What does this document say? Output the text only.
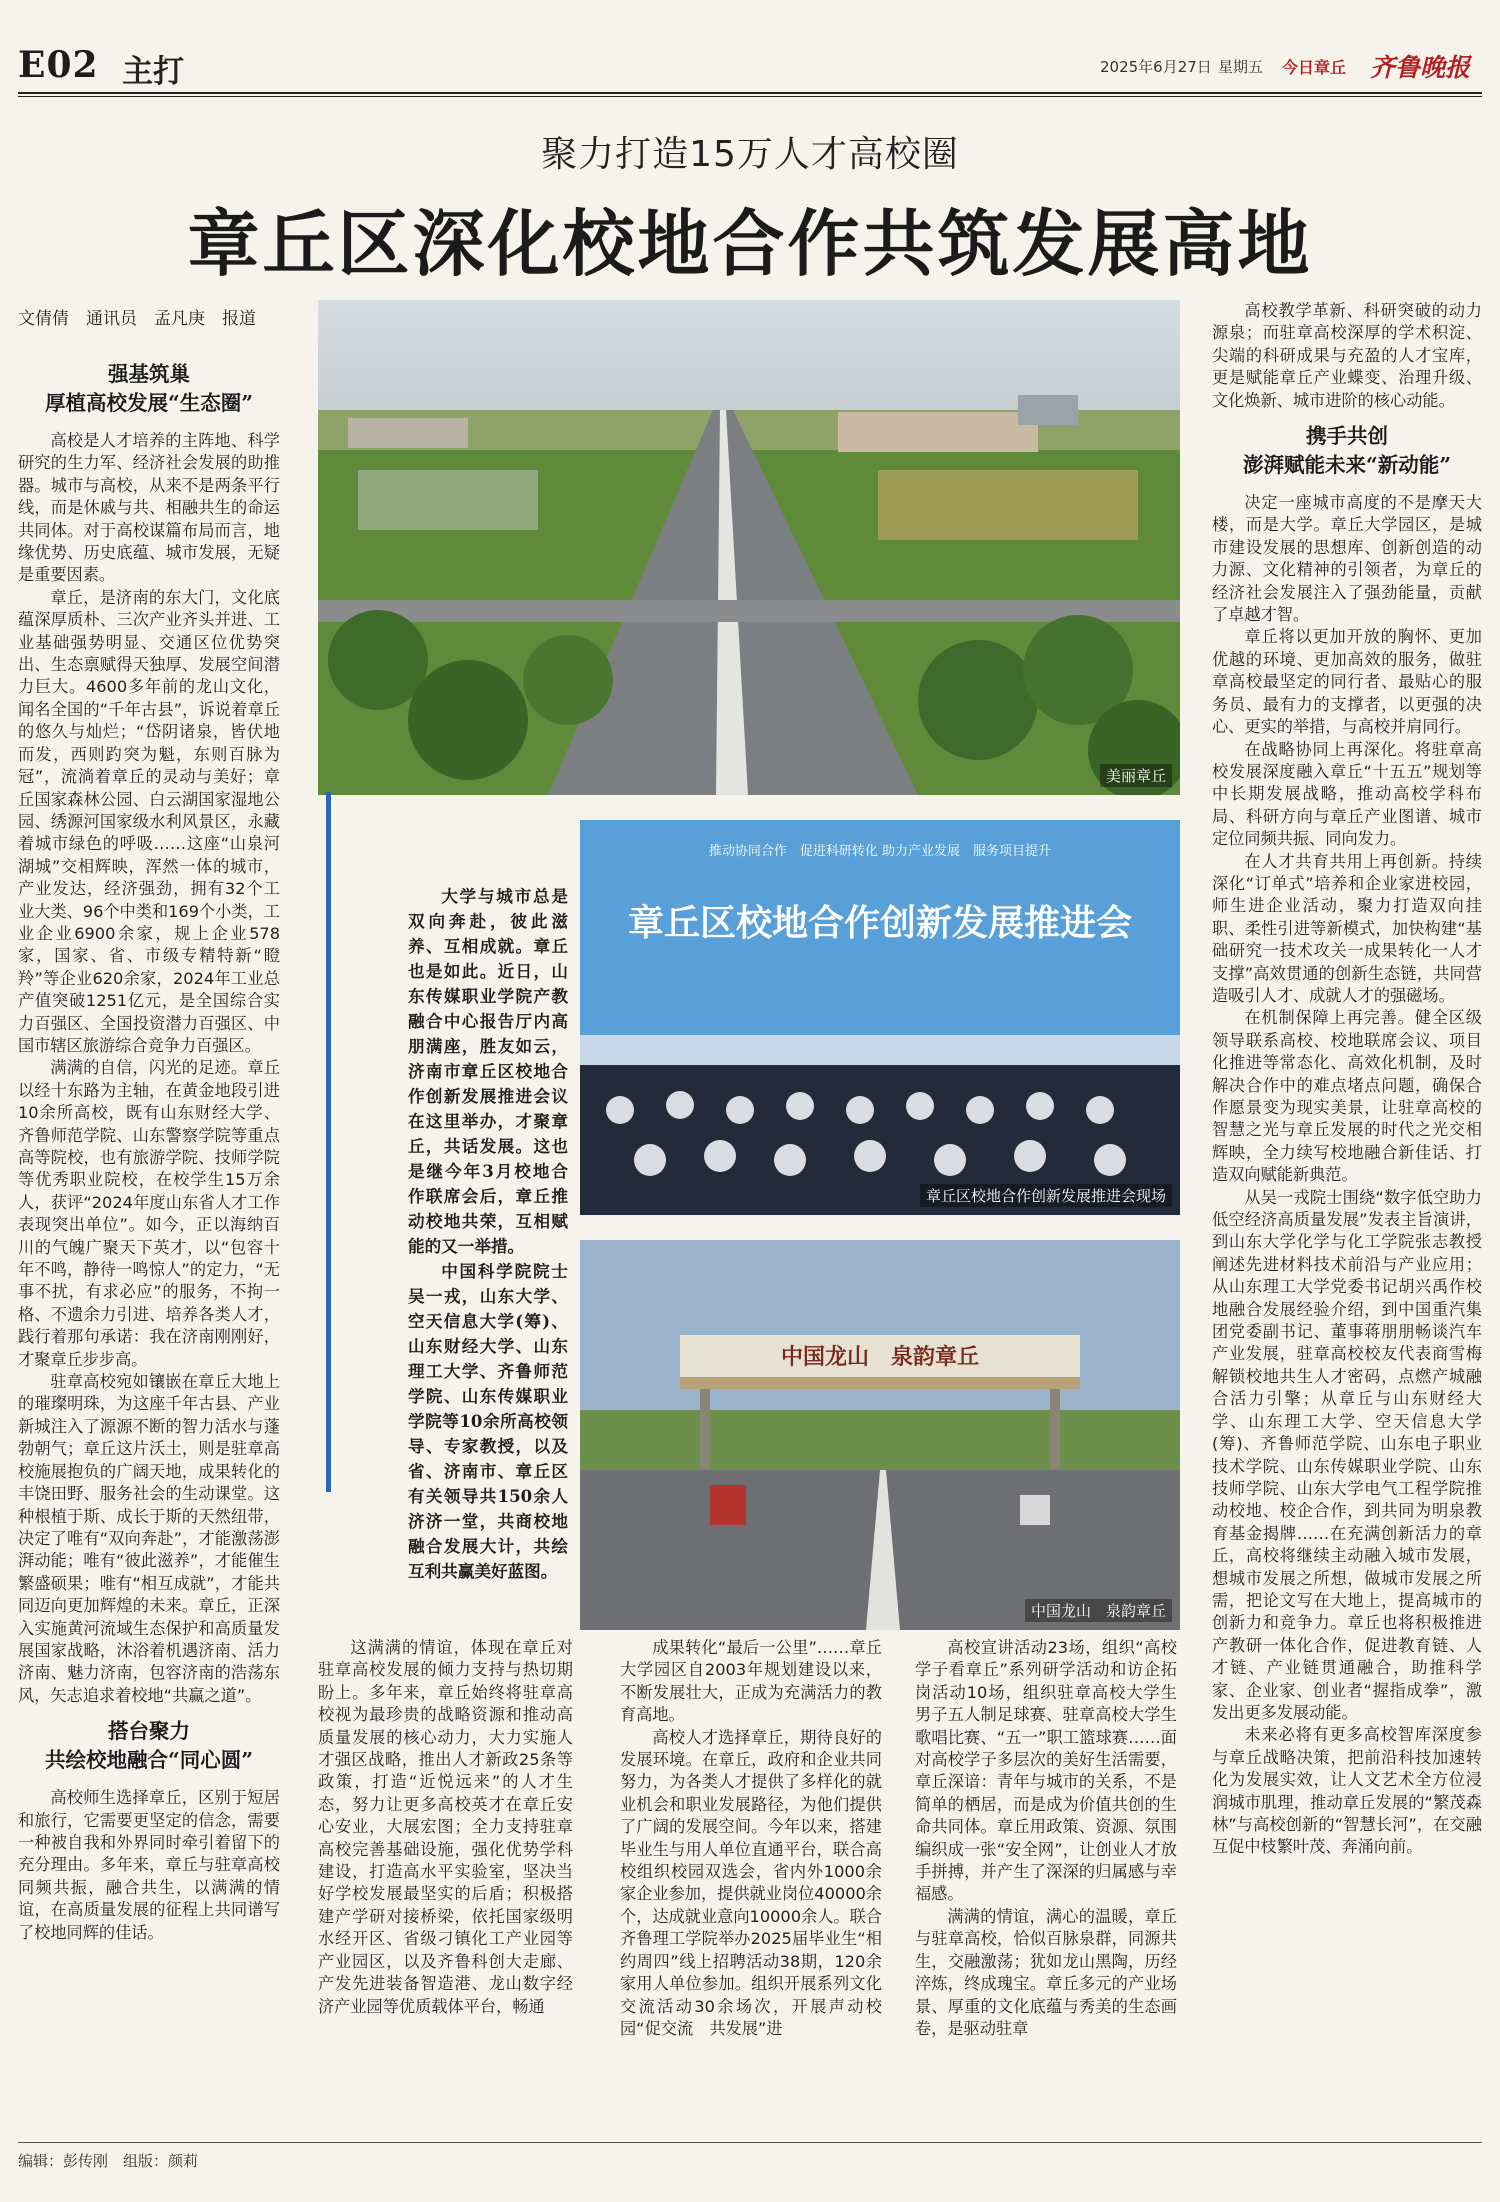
E02 主打	2025年6月27日 星期五 今日章丘 齐鲁晚报
聚力打造15万人才高校圈
章丘区深化校地合作共筑发展高地
文倩倩　通讯员　孟凡庚　报道
强基筑巢
厚植高校发展“生态圈”

高校是人才培养的主阵地、科学研究的生力军、经济社会发展的助推器。城市与高校，从来不是两条平行线，而是休戚与共、相融共生的命运共同体。对于高校谋篇布局而言，地缘优势、历史底蕴、城市发展，无疑是重要因素。

章丘，是济南的东大门，文化底蕴深厚质朴、三次产业齐头并进、工业基础强势明显、交通区位优势突出、生态禀赋得天独厚、发展空间潜力巨大。4600多年前的龙山文化，闻名全国的“千年古县”，诉说着章丘的悠久与灿烂；“岱阴诸泉，皆伏地而发，西则趵突为魁，东则百脉为冠”，流淌着章丘的灵动与美好；章丘国家森林公园、白云湖国家湿地公园、绣源河国家级水利风景区，永藏着城市绿色的呼吸……这座“山泉河湖城”交相辉映，浑然一体的城市，产业发达，经济强劲，拥有32个工业大类、96个中类和169个小类，工业企业6900余家，规上企业578家，国家、省、市级专精特新“瞪羚”等企业620余家，2024年工业总产值突破1251亿元，是全国综合实力百强区、全国投资潜力百强区、中国市辖区旅游综合竞争力百强区。

满满的自信，闪光的足迹。章丘以经十东路为主轴，在黄金地段引进10余所高校，既有山东财经大学、齐鲁师范学院、山东警察学院等重点高等院校，也有旅游学院、技师学院等优秀职业院校，在校学生15万余人，获评“2024年度山东省人才工作表现突出单位”。如今，正以海纳百川的气魄广聚天下英才，以“包容十年不鸣，静待一鸣惊人”的定力，“无事不扰，有求必应”的服务，不拘一格、不遗余力引进、培养各类人才，践行着那句承诺：我在济南刚刚好，才聚章丘步步高。

驻章高校宛如镶嵌在章丘大地上的璀璨明珠，为这座千年古县、产业新城注入了源源不断的智力活水与蓬勃朝气；章丘这片沃土，则是驻章高校施展抱负的广阔天地，成果转化的丰饶田野、服务社会的生动课堂。这种根植于斯、成长于斯的天然纽带，决定了唯有“双向奔赴”，才能激荡澎湃动能；唯有“彼此滋养”，才能催生繁盛硕果；唯有“相互成就”，才能共同迈向更加辉煌的未来。章丘，正深入实施黄河流域生态保护和高质量发展国家战略，沐浴着机遇济南、活力济南、魅力济南，包容济南的浩荡东风，矢志追求着校地“共赢之道”。

搭台聚力
共绘校地融合“同心圆”

高校师生选择章丘，区别于短居和旅行，它需要更坚定的信念，需要一种被自我和外界同时牵引着留下的充分理由。多年来，章丘与驻章高校同频共振，融合共生，以满满的情谊，在高质量发展的征程上共同谱写了校地同辉的佳话。

美丽章丘

大学与城市总是双向奔赴，彼此滋养、互相成就。章丘也是如此。近日，山东传媒职业学院产教融合中心报告厅内高朋满座，胜友如云，济南市章丘区校地合作创新发展推进会议在这里举办，才聚章丘，共话发展。这也是继今年3月校地合作联席会后，章丘推动校地共荣，互相赋能的又一举措。

中国科学院院士吴一戎，山东大学、空天信息大学(筹)、山东财经大学、山东理工大学、齐鲁师范学院、山东传媒职业学院等10余所高校领导、专家教授，以及省、济南市、章丘区有关领导共150余人济济一堂，共商校地融合发展大计，共绘互利共赢美好蓝图。

章丘区校地合作创新发展推进会
推动协同合作　促进科研转化 助力产业发展　服务项目提升
章丘区校地合作创新发展推进会现场
中国龙山　泉韵章丘
中国龙山　泉韵章丘

这满满的情谊，体现在章丘对驻章高校发展的倾力支持与热切期盼上。多年来，章丘始终将驻章高校视为最珍贵的战略资源和推动高质量发展的核心动力，大力实施人才强区战略，推出人才新政25条等政策，打造“近悦远来”的人才生态，努力让更多高校英才在章丘安心安业，大展宏图；全力支持驻章高校完善基础设施，强化优势学科建设，打造高水平实验室，坚决当好学校发展最坚实的后盾；积极搭建产学研对接桥梁，依托国家级明水经开区、省级刁镇化工产业园等产业园区，以及齐鲁科创大走廊、产发先进装备智造港、龙山数字经济产业园等优质载体平台，畅通

成果转化“最后一公里”……章丘大学园区自2003年规划建设以来，不断发展壮大，正成为充满活力的教育高地。

高校人才选择章丘，期待良好的发展环境。在章丘，政府和企业共同努力，为各类人才提供了多样化的就业机会和职业发展路径，为他们提供了广阔的发展空间。今年以来，搭建毕业生与用人单位直通平台，联合高校组织校园双选会，省内外1000余家企业参加，提供就业岗位40000余个，达成就业意向10000余人。联合齐鲁理工学院举办2025届毕业生“相约周四”线上招聘活动38期，120余家用人单位参加。组织开展系列文化交流活动30余场次，开展声动校园“促交流　共发展”进

高校宣讲活动23场，组织“高校学子看章丘”系列研学活动和访企拓岗活动10场，组织驻章高校大学生男子五人制足球赛、驻章高校大学生歌唱比赛、“五一”职工篮球赛……面对高校学子多层次的美好生活需要，章丘深谙：青年与城市的关系，不是简单的栖居，而是成为价值共创的生命共同体。章丘用政策、资源、氛围编织成一张“安全网”，让创业人才放手拼搏，并产生了深深的归属感与幸福感。

满满的情谊，满心的温暖，章丘与驻章高校，恰似百脉泉群，同源共生，交融激荡；犹如龙山黑陶，历经淬炼，终成瑰宝。章丘多元的产业场景、厚重的文化底蕴与秀美的生态画卷，是驱动驻章

高校教学革新、科研突破的动力源泉；而驻章高校深厚的学术积淀、尖端的科研成果与充盈的人才宝库，更是赋能章丘产业蝶变、治理升级、文化焕新、城市进阶的核心动能。

携手共创
澎湃赋能未来“新动能”

决定一座城市高度的不是摩天大楼，而是大学。章丘大学园区，是城市建设发展的思想库、创新创造的动力源、文化精神的引领者，为章丘的经济社会发展注入了强劲能量，贡献了卓越才智。

章丘将以更加开放的胸怀、更加优越的环境、更加高效的服务，做驻章高校最坚定的同行者、最贴心的服务员、最有力的支撑者，以更强的决心、更实的举措，与高校并肩同行。

在战略协同上再深化。将驻章高校发展深度融入章丘“十五五”规划等中长期发展战略，推动高校学科布局、科研方向与章丘产业图谱、城市定位同频共振、同向发力。

在人才共育共用上再创新。持续深化“订单式”培养和企业家进校园，师生进企业活动，聚力打造双向挂职、柔性引进等新模式，加快构建“基础研究一技术攻关一成果转化一人才支撑”高效贯通的创新生态链，共同营造吸引人才、成就人才的强磁场。

在机制保障上再完善。健全区级领导联系高校、校地联席会议、项目化推进等常态化、高效化机制，及时解决合作中的难点堵点问题，确保合作愿景变为现实美景，让驻章高校的智慧之光与章丘发展的时代之光交相辉映，全力续写校地融合新佳话、打造双向赋能新典范。

从吴一戎院士围绕“数字低空助力低空经济高质量发展”发表主旨演讲，到山东大学化学与化工学院张志教授阐述先进材料技术前沿与产业应用；从山东理工大学党委书记胡兴禹作校地融合发展经验介绍，到中国重汽集团党委副书记、董事蒋朋朋畅谈汽车产业发展，驻章高校校友代表商雪梅解锁校地共生人才密码，点燃产城融合活力引擎；从章丘与山东财经大学、山东理工大学、空天信息大学(筹)、齐鲁师范学院、山东电子职业技术学院、山东传媒职业学院、山东技师学院、山东大学电气工程学院推动校地、校企合作，到共同为明泉教育基金揭牌……在充满创新活力的章丘，高校将继续主动融入城市发展，想城市发展之所想，做城市发展之所需，把论文写在大地上，提高城市的创新力和竞争力。章丘也将积极推进产教研一体化合作，促进教育链、人才链、产业链贯通融合，助推科学家、企业家、创业者“握指成拳”，激发出更多发展动能。

未来必将有更多高校智库深度参与章丘战略决策，把前沿科技加速转化为发展实效，让人文艺术全方位浸润城市肌理，推动章丘发展的“繁茂森林”与高校创新的“智慧长河”，在交融互促中枝繁叶茂、奔涌向前。

编辑：彭传刚　组版：颜莉
